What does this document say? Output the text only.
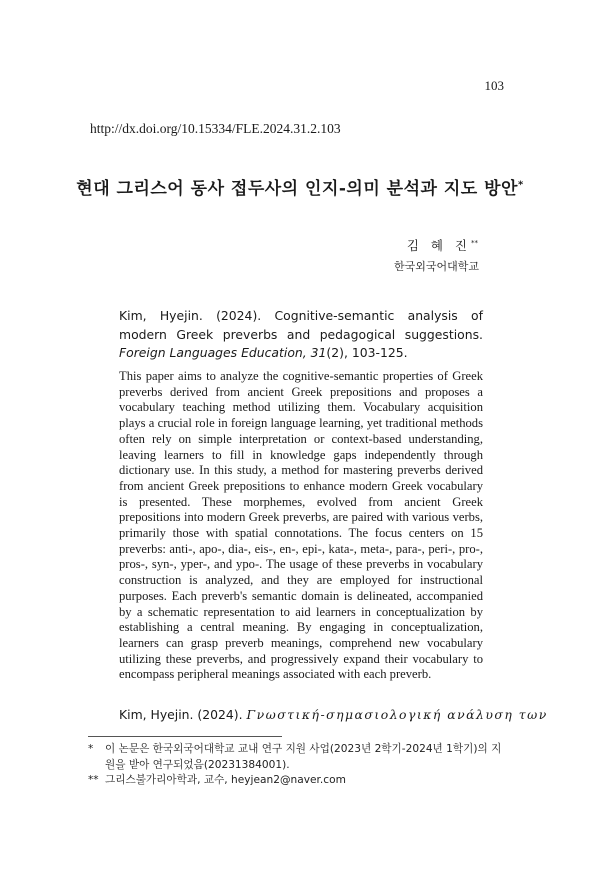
103
http://dx.doi.org/10.15334/FLE.2024.31.2.103
현대 그리스어 동사 접두사의 인지-의미 분석과 지도 방안*
김 혜 진**
한국외국어대학교
Kim, Hyejin. (2024). Cognitive-semantic analysis of modern Greek preverbs and pedagogical suggestions. Foreign Languages Education, 31(2), 103-125.

This paper aims to analyze the cognitive-semantic properties of Greek preverbs derived from ancient Greek prepositions and proposes a vocabulary teaching method utilizing them. Vocabulary acquisition plays a crucial role in foreign language learning, yet traditional methods often rely on simple interpretation or context-based understanding, leaving learners to fill in knowledge gaps independently through dictionary use. In this study, a method for mastering preverbs derived from ancient Greek prepositions to enhance modern Greek vocabulary is presented. These morphemes, evolved from ancient Greek prepositions into modern Greek preverbs, are paired with various verbs, primarily those with spatial connotations. The focus centers on 15 preverbs: anti-, apo-, dia-, eis-, en-, epi-, kata-, meta-, para-, peri-, pro-, pros-, syn-, yper-, and ypo-. The usage of these preverbs in vocabulary construction is analyzed, and they are employed for instructional purposes. Each preverb's semantic domain is delineated, accompanied by a schematic representation to aid learners in conceptualization by establishing a central meaning. By engaging in conceptualization, learners can grasp preverb meanings, comprehend new vocabulary utilizing these preverbs, and progressively expand their vocabulary to encompass peripheral meanings associated with each preverb.

Kim, Hyejin. (2024). Γνωστική-σημασιολογική ανάλυση των
* 이 논문은 한국외국어대학교 교내 연구 지원 사업(2023년 2학기-2024년 1학기)의 지원을 받아 연구되었음(20231384001).
** 그리스불가리아학과, 교수, heyjean2@naver.com
